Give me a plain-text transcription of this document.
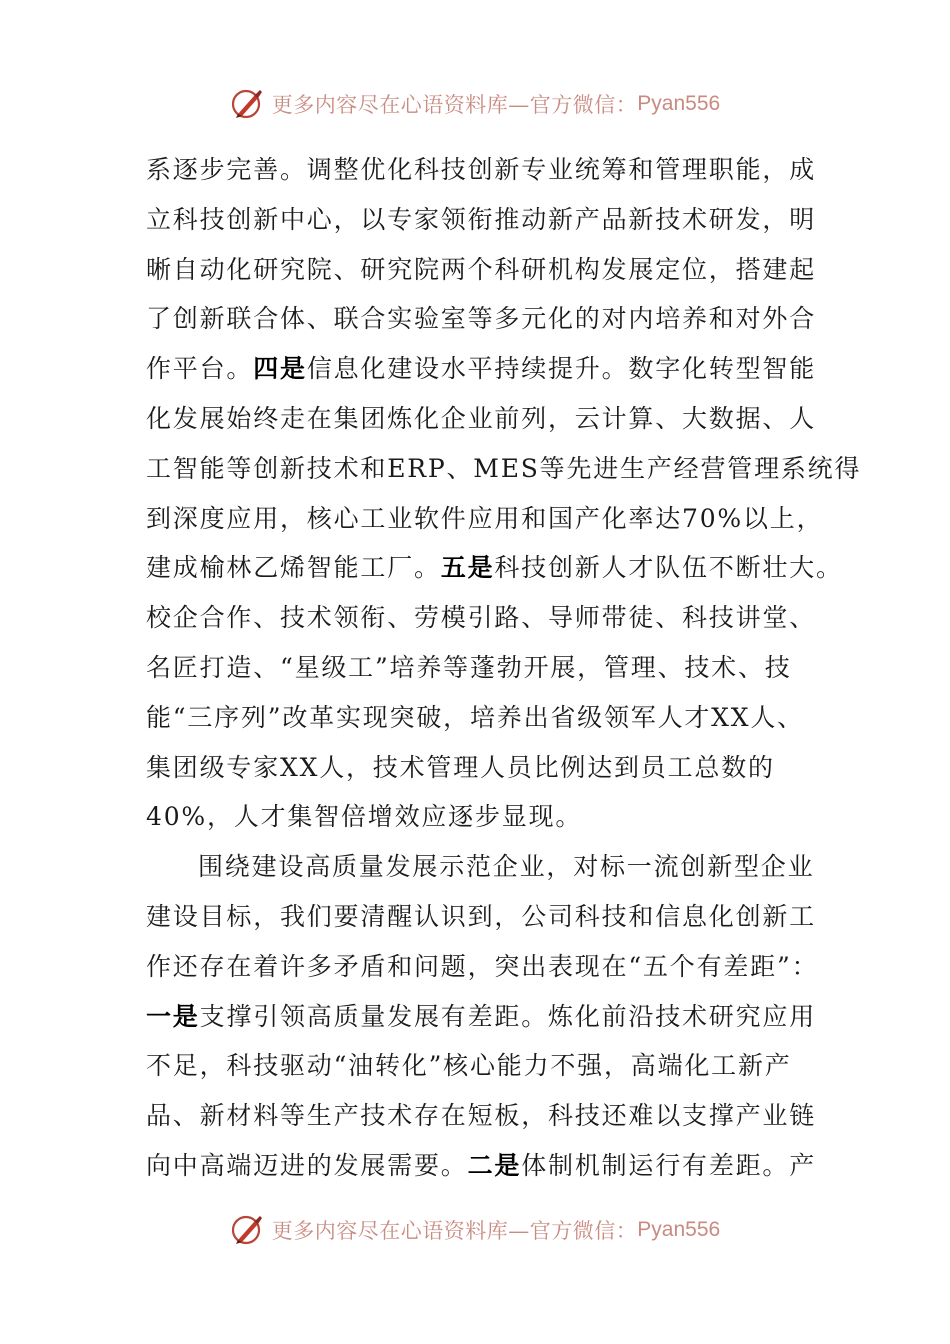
更多内容尽在心语资料库—官方微信： Pyan556
系逐步完善。调整优化科技创新专业统筹和管理职能，成
立科技创新中心，以专家领衔推动新产品新技术研发，明
晰自动化研究院、研究院两个科研机构发展定位，搭建起
了创新联合体、联合实验室等多元化的对内培养和对外合
作平台。四是信息化建设水平持续提升。数字化转型智能
化发展始终走在集团炼化企业前列，云计算、大数据、人
工智能等创新技术和ERP、MES等先进生产经营管理系统得
到深度应用，核心工业软件应用和国产化率达70%以上，
建成榆林乙烯智能工厂。五是科技创新人才队伍不断壮大。
校企合作、技术领衔、劳模引路、导师带徒、科技讲堂、
名匠打造、“星级工”培养等蓬勃开展，管理、技术、技
能“三序列”改革实现突破，培养出省级领军人才XX人、
集团级专家XX人，技术管理人员比例达到员工总数的
40%，人才集智倍增效应逐步显现。
围绕建设高质量发展示范企业，对标一流创新型企业
建设目标，我们要清醒认识到，公司科技和信息化创新工
作还存在着许多矛盾和问题，突出表现在“五个有差距”：
一是支撑引领高质量发展有差距。炼化前沿技术研究应用
不足，科技驱动“油转化”核心能力不强，高端化工新产
品、新材料等生产技术存在短板，科技还难以支撑产业链
向中高端迈进的发展需要。二是体制机制运行有差距。产
更多内容尽在心语资料库—官方微信： Pyan556
